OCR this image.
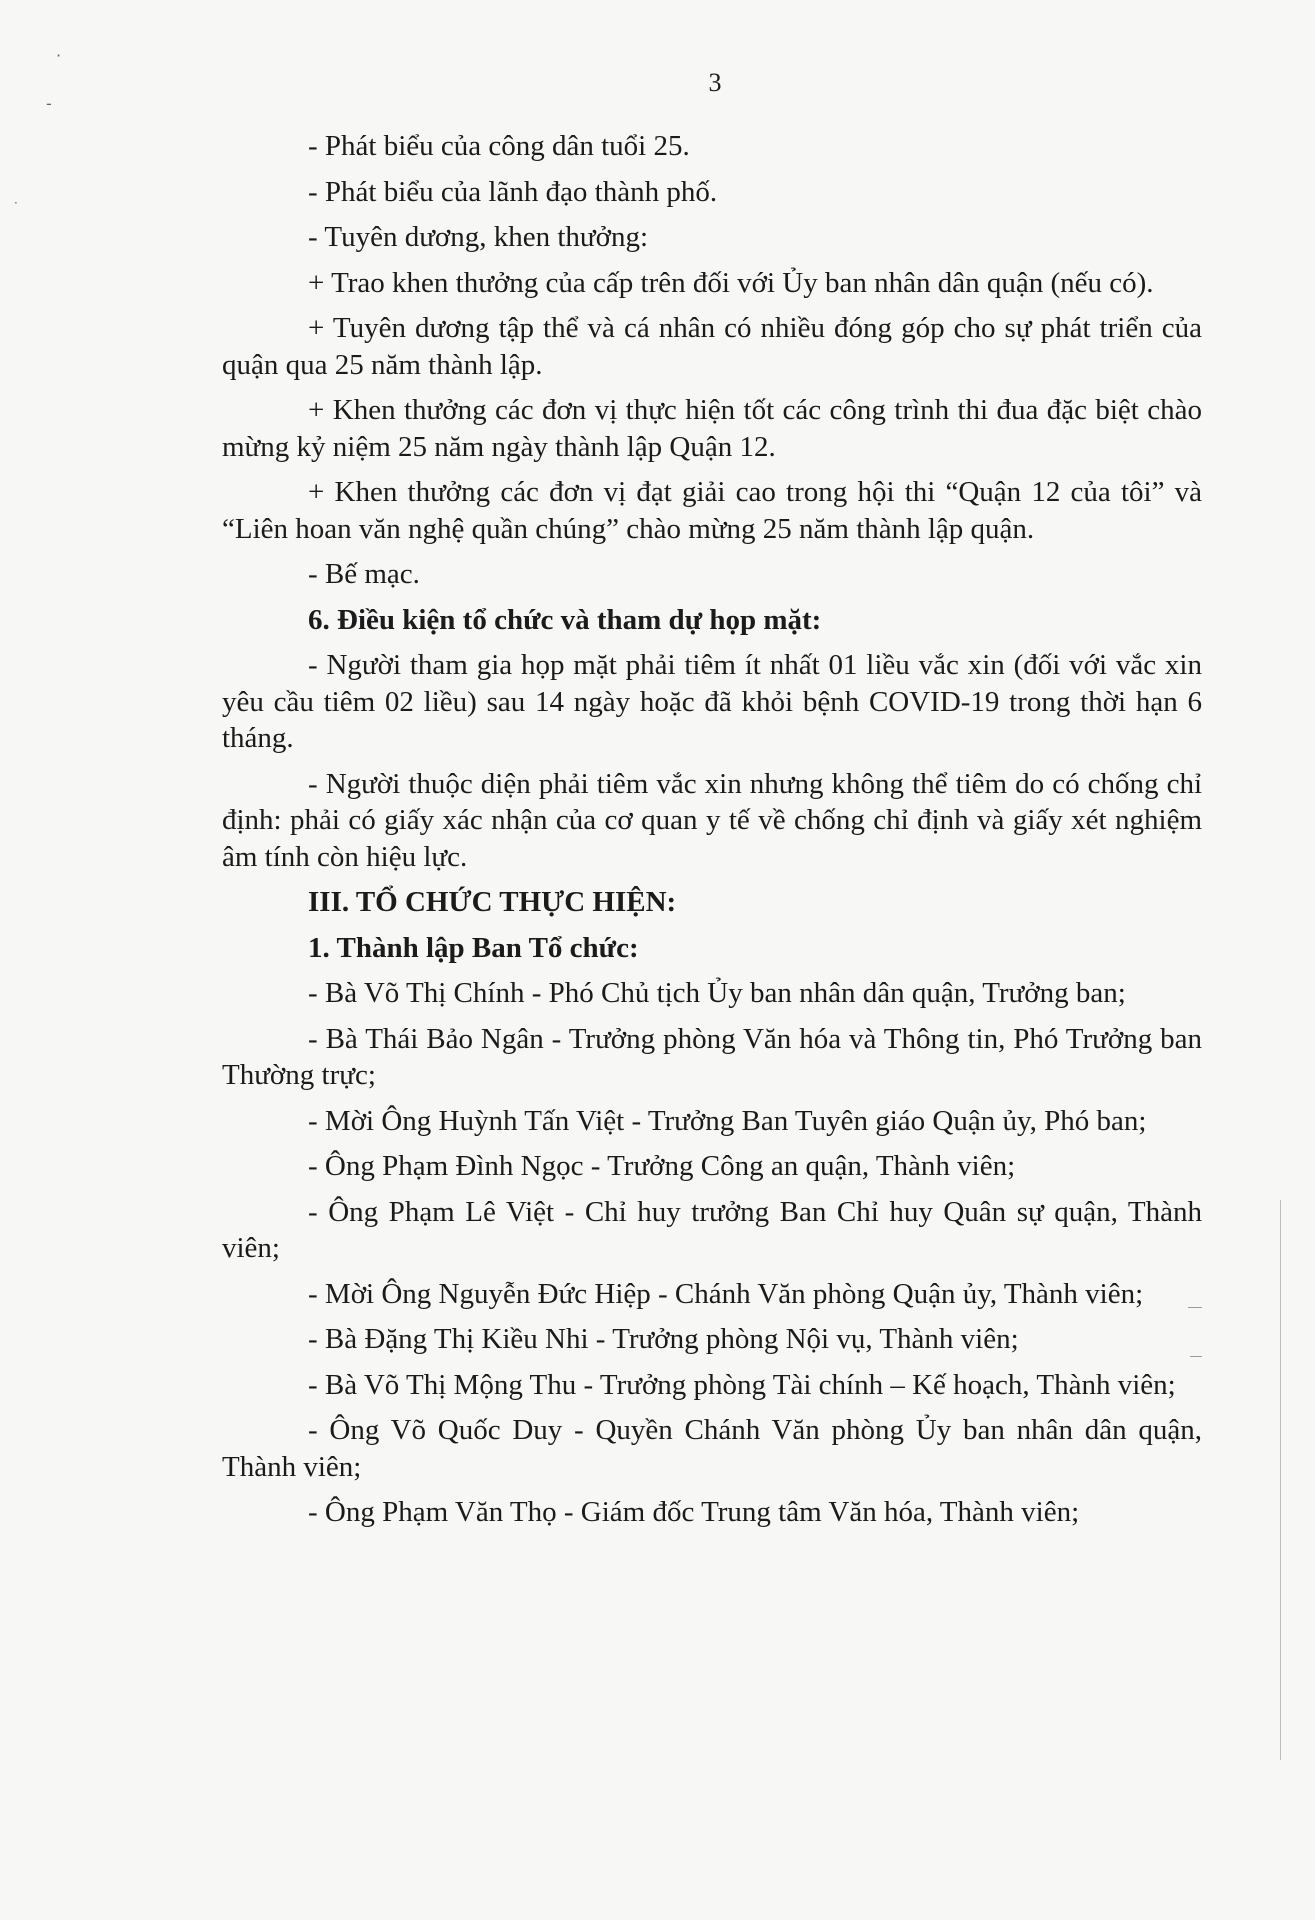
·
-
·
3

- Phát biểu của công dân tuổi 25.

- Phát biểu của lãnh đạo thành phố.

- Tuyên dương, khen thưởng:

+ Trao khen thưởng của cấp trên đối với Ủy ban nhân dân quận (nếu có).

+ Tuyên dương tập thể và cá nhân có nhiều đóng góp cho sự phát triển của quận qua 25 năm thành lập.

+ Khen thưởng các đơn vị thực hiện tốt các công trình thi đua đặc biệt chào mừng kỷ niệm 25 năm ngày thành lập Quận 12.

+ Khen thưởng các đơn vị đạt giải cao trong hội thi “Quận 12 của tôi” và “Liên hoan văn nghệ quần chúng” chào mừng 25 năm thành lập quận.

- Bế mạc.

6. Điều kiện tổ chức và tham dự họp mặt:

- Người tham gia họp mặt phải tiêm ít nhất 01 liều vắc xin (đối với vắc xin yêu cầu tiêm 02 liều) sau 14 ngày hoặc đã khỏi bệnh COVID-19 trong thời hạn 6 tháng.

- Người thuộc diện phải tiêm vắc xin nhưng không thể tiêm do có chống chỉ định: phải có giấy xác nhận của cơ quan y tế về chống chỉ định và giấy xét nghiệm âm tính còn hiệu lực.

III. TỔ CHỨC THỰC HIỆN:

1. Thành lập Ban Tổ chức:

- Bà Võ Thị Chính - Phó Chủ tịch Ủy ban nhân dân quận, Trưởng ban;

- Bà Thái Bảo Ngân - Trưởng phòng Văn hóa và Thông tin, Phó Trưởng ban Thường trực;

- Mời Ông Huỳnh Tấn Việt - Trưởng Ban Tuyên giáo Quận ủy, Phó ban;

- Ông Phạm Đình Ngọc - Trưởng Công an quận, Thành viên;

- Ông Phạm Lê Việt - Chỉ huy trưởng Ban Chỉ huy Quân sự quận, Thành viên;

- Mời Ông Nguyễn Đức Hiệp - Chánh Văn phòng Quận ủy, Thành viên;

- Bà Đặng Thị Kiều Nhi - Trưởng phòng Nội vụ, Thành viên;

- Bà Võ Thị Mộng Thu - Trưởng phòng Tài chính – Kế hoạch, Thành viên;

- Ông Võ Quốc Duy - Quyền Chánh Văn phòng Ủy ban nhân dân quận, Thành viên;

- Ông Phạm Văn Thọ - Giám đốc Trung tâm Văn hóa, Thành viên;
